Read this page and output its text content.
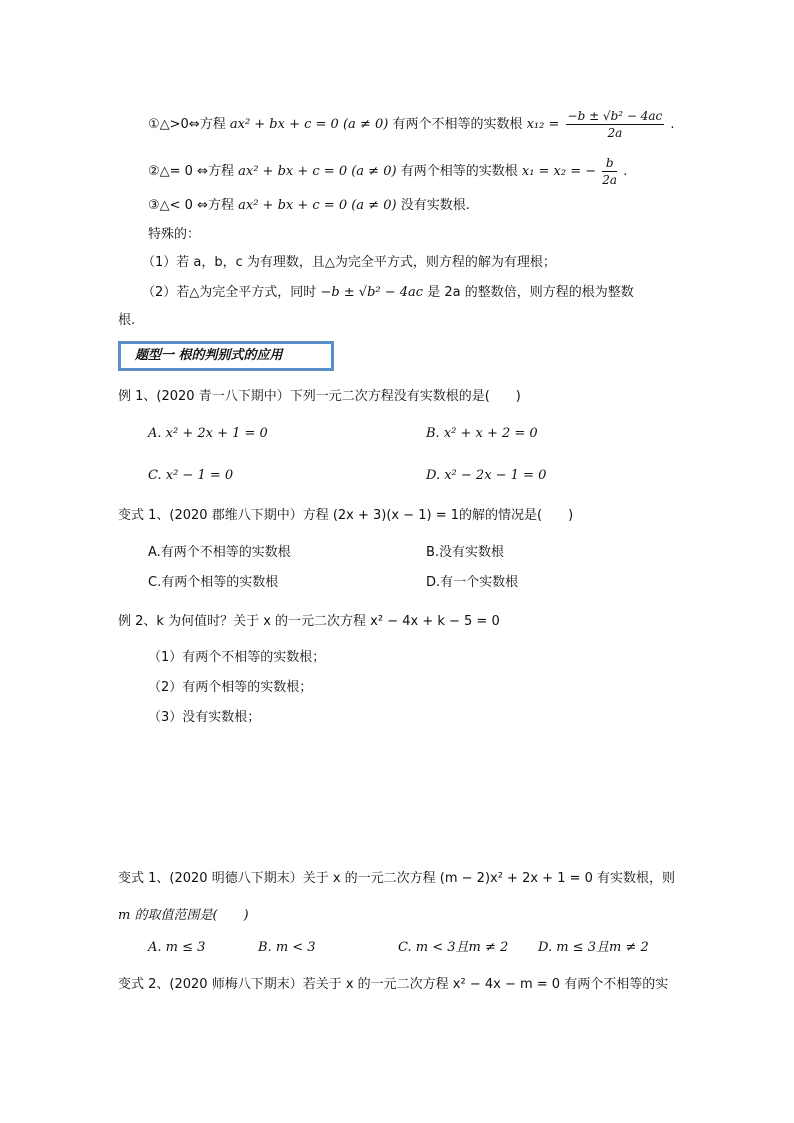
①△>0⇔方程 ax² + bx + c = 0 (a ≠ 0) 有两个不相等的实数根 $x_{12} = \frac{\text{−b ± √b² − 4ac}}{2a}$ .
②△= 0 ⇔方程 ax² + bx + c = 0 (a ≠ 0) 有两个相等的实数根 x₁ = x₂ = − $\frac{b}{2a}$ .
③△< 0 ⇔方程 ax² + bx + c = 0 (a ≠ 0) 没有实数根.
特殊的：
（1）若 a，b，c 为有理数，且△为完全平方式，则方程的解为有理根；
（2）若△为完全平方式，同时 −b ± √b² − 4ac 是 2a 的整数倍，则方程的根为整数
根.
题型一 根的判别式的应用
例 1、(2020 青一八下期中）下列一元二次方程没有实数根的是(　　)
A. x² + 2x + 1 = 0	B. x² + x + 2 = 0
C. x² − 1 = 0	D. x² − 2x − 1 = 0
变式 1、(2020 郡维八下期中）方程 (2x + 3)(x − 1) = 1的解的情况是(　　)
A.有两个不相等的实数根	B.没有实数根
C.有两个相等的实数根	D.有一个实数根
例 2、k 为何值时？关于 x 的一元二次方程 x² − 4x + k − 5 = 0
（1）有两个不相等的实数根；
（2）有两个相等的实数根；
（3）没有实数根；
变式 1、(2020 明德八下期末）关于 x 的一元二次方程 (m − 2)x² + 2x + 1 = 0 有实数根，则
m 的取值范围是(　　)
A. m ≤ 3	B. m < 3	C. m < 3且m ≠ 2 D. m ≤ 3且m ≠ 2
变式 2、(2020 师梅八下期末）若关于 x 的一元二次方程 x² − 4x − m = 0 有两个不相等的实
